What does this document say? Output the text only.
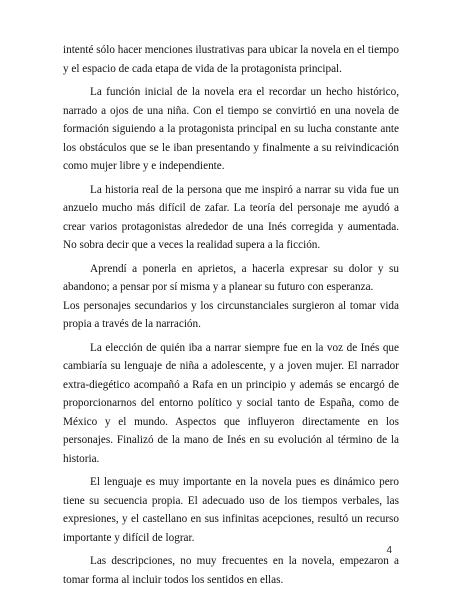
intenté sólo hacer menciones ilustrativas para ubicar la novela en el tiempo y el espacio de cada etapa de vida de la protagonista principal.

La función inicial de la novela era el recordar un hecho histórico, narrado a ojos de una niña. Con el tiempo se convirtió en una novela de formación siguiendo a la protagonista principal en su lucha constante ante los obstáculos que se le iban presentando y finalmente a su reivindicación como mujer libre y e independiente.

La historia real de la persona que me inspiró a narrar su vida fue un anzuelo mucho más difícil de zafar. La teoría del personaje me ayudó a crear varios protagonistas alrededor de una Inés corregida y aumentada. No sobra decir que a veces la realidad supera a la ficción.

Aprendí a ponerla en aprietos, a hacerla expresar su dolor y su abandono; a pensar por sí misma y a planear su futuro con esperanza.

Los personajes secundarios y los circunstanciales surgieron al tomar vida propia a través de la narración.

La elección de quién iba a narrar siempre fue en la voz de Inés que cambiaría su lenguaje de niña a adolescente, y a joven mujer. El narrador extra-diegético acompañó a Rafa en un principio y además se encargó de proporcionarnos del entorno político y social tanto de España, como de México y el mundo. Aspectos que influyeron directamente en los personajes. Finalizó de la mano de Inés en su evolución al término de la historia.

El lenguaje es muy importante en la novela pues es dinámico pero tiene su secuencia propia. El adecuado uso de los tiempos verbales, las expresiones, y el castellano en sus infinitas acepciones, resultó un recurso importante y difícil de lograr.

Las descripciones, no muy frecuentes en la novela, empezaron a tomar forma al incluir todos los sentidos en ellas.

4
